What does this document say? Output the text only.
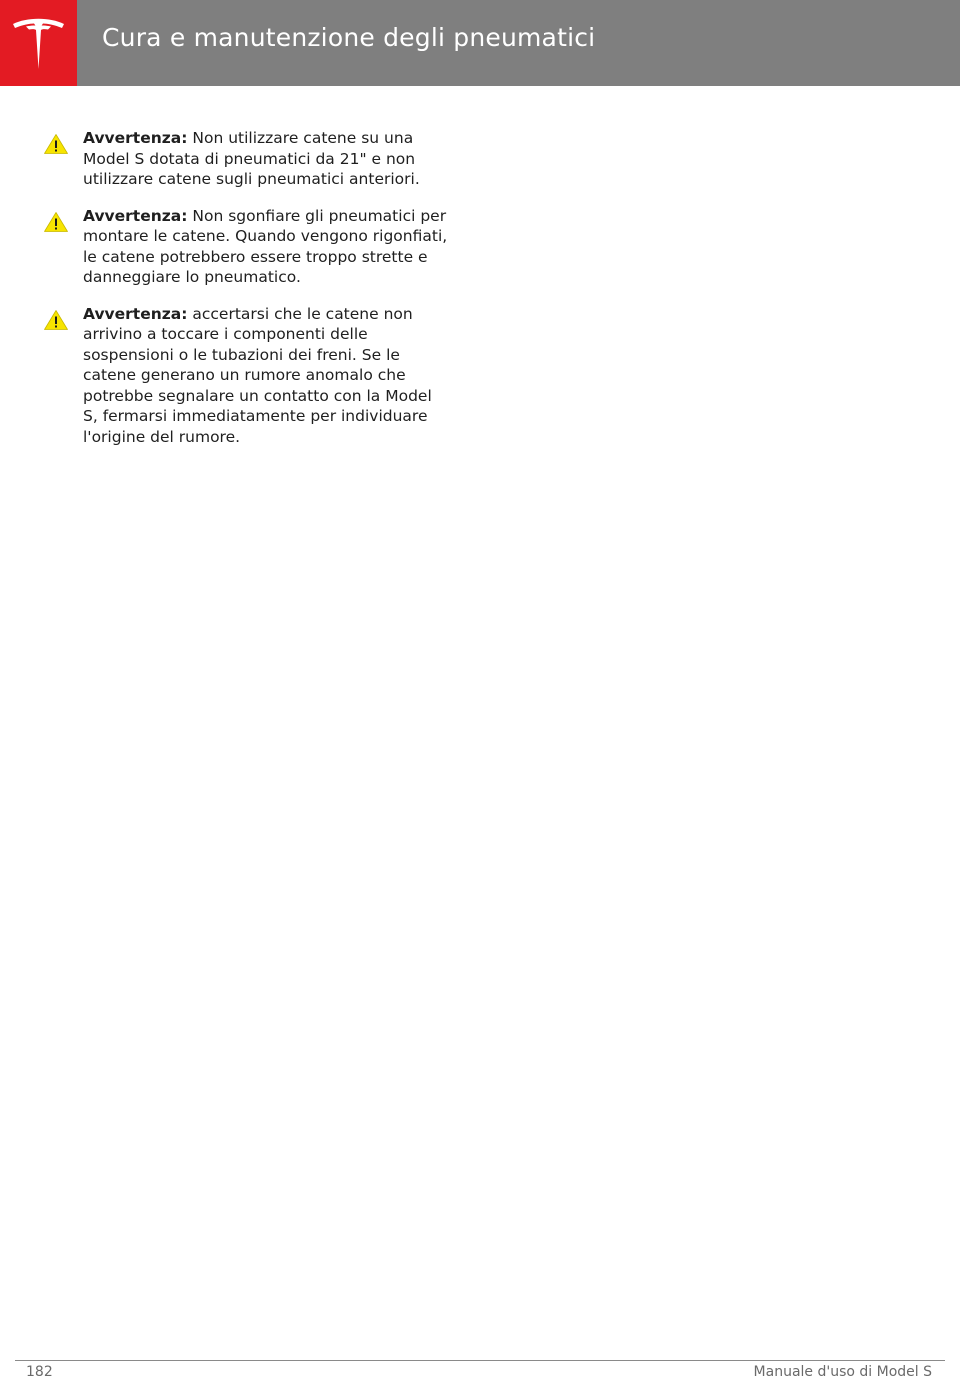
Cura e manutenzione degli pneumatici
Avvertenza: Non utilizzare catene su una Model S dotata di pneumatici da 21" e non utilizzare catene sugli pneumatici anteriori.
Avvertenza: Non sgonfiare gli pneumatici per montare le catene. Quando vengono rigonfiati, le catene potrebbero essere troppo strette e danneggiare lo pneumatico.
Avvertenza: accertarsi che le catene non arrivino a toccare i componenti delle sospensioni o le tubazioni dei freni. Se le catene generano un rumore anomalo che potrebbe segnalare un contatto con la Model S, fermarsi immediatamente per individuare l'origine del rumore.
182	Manuale d'uso di Model S
